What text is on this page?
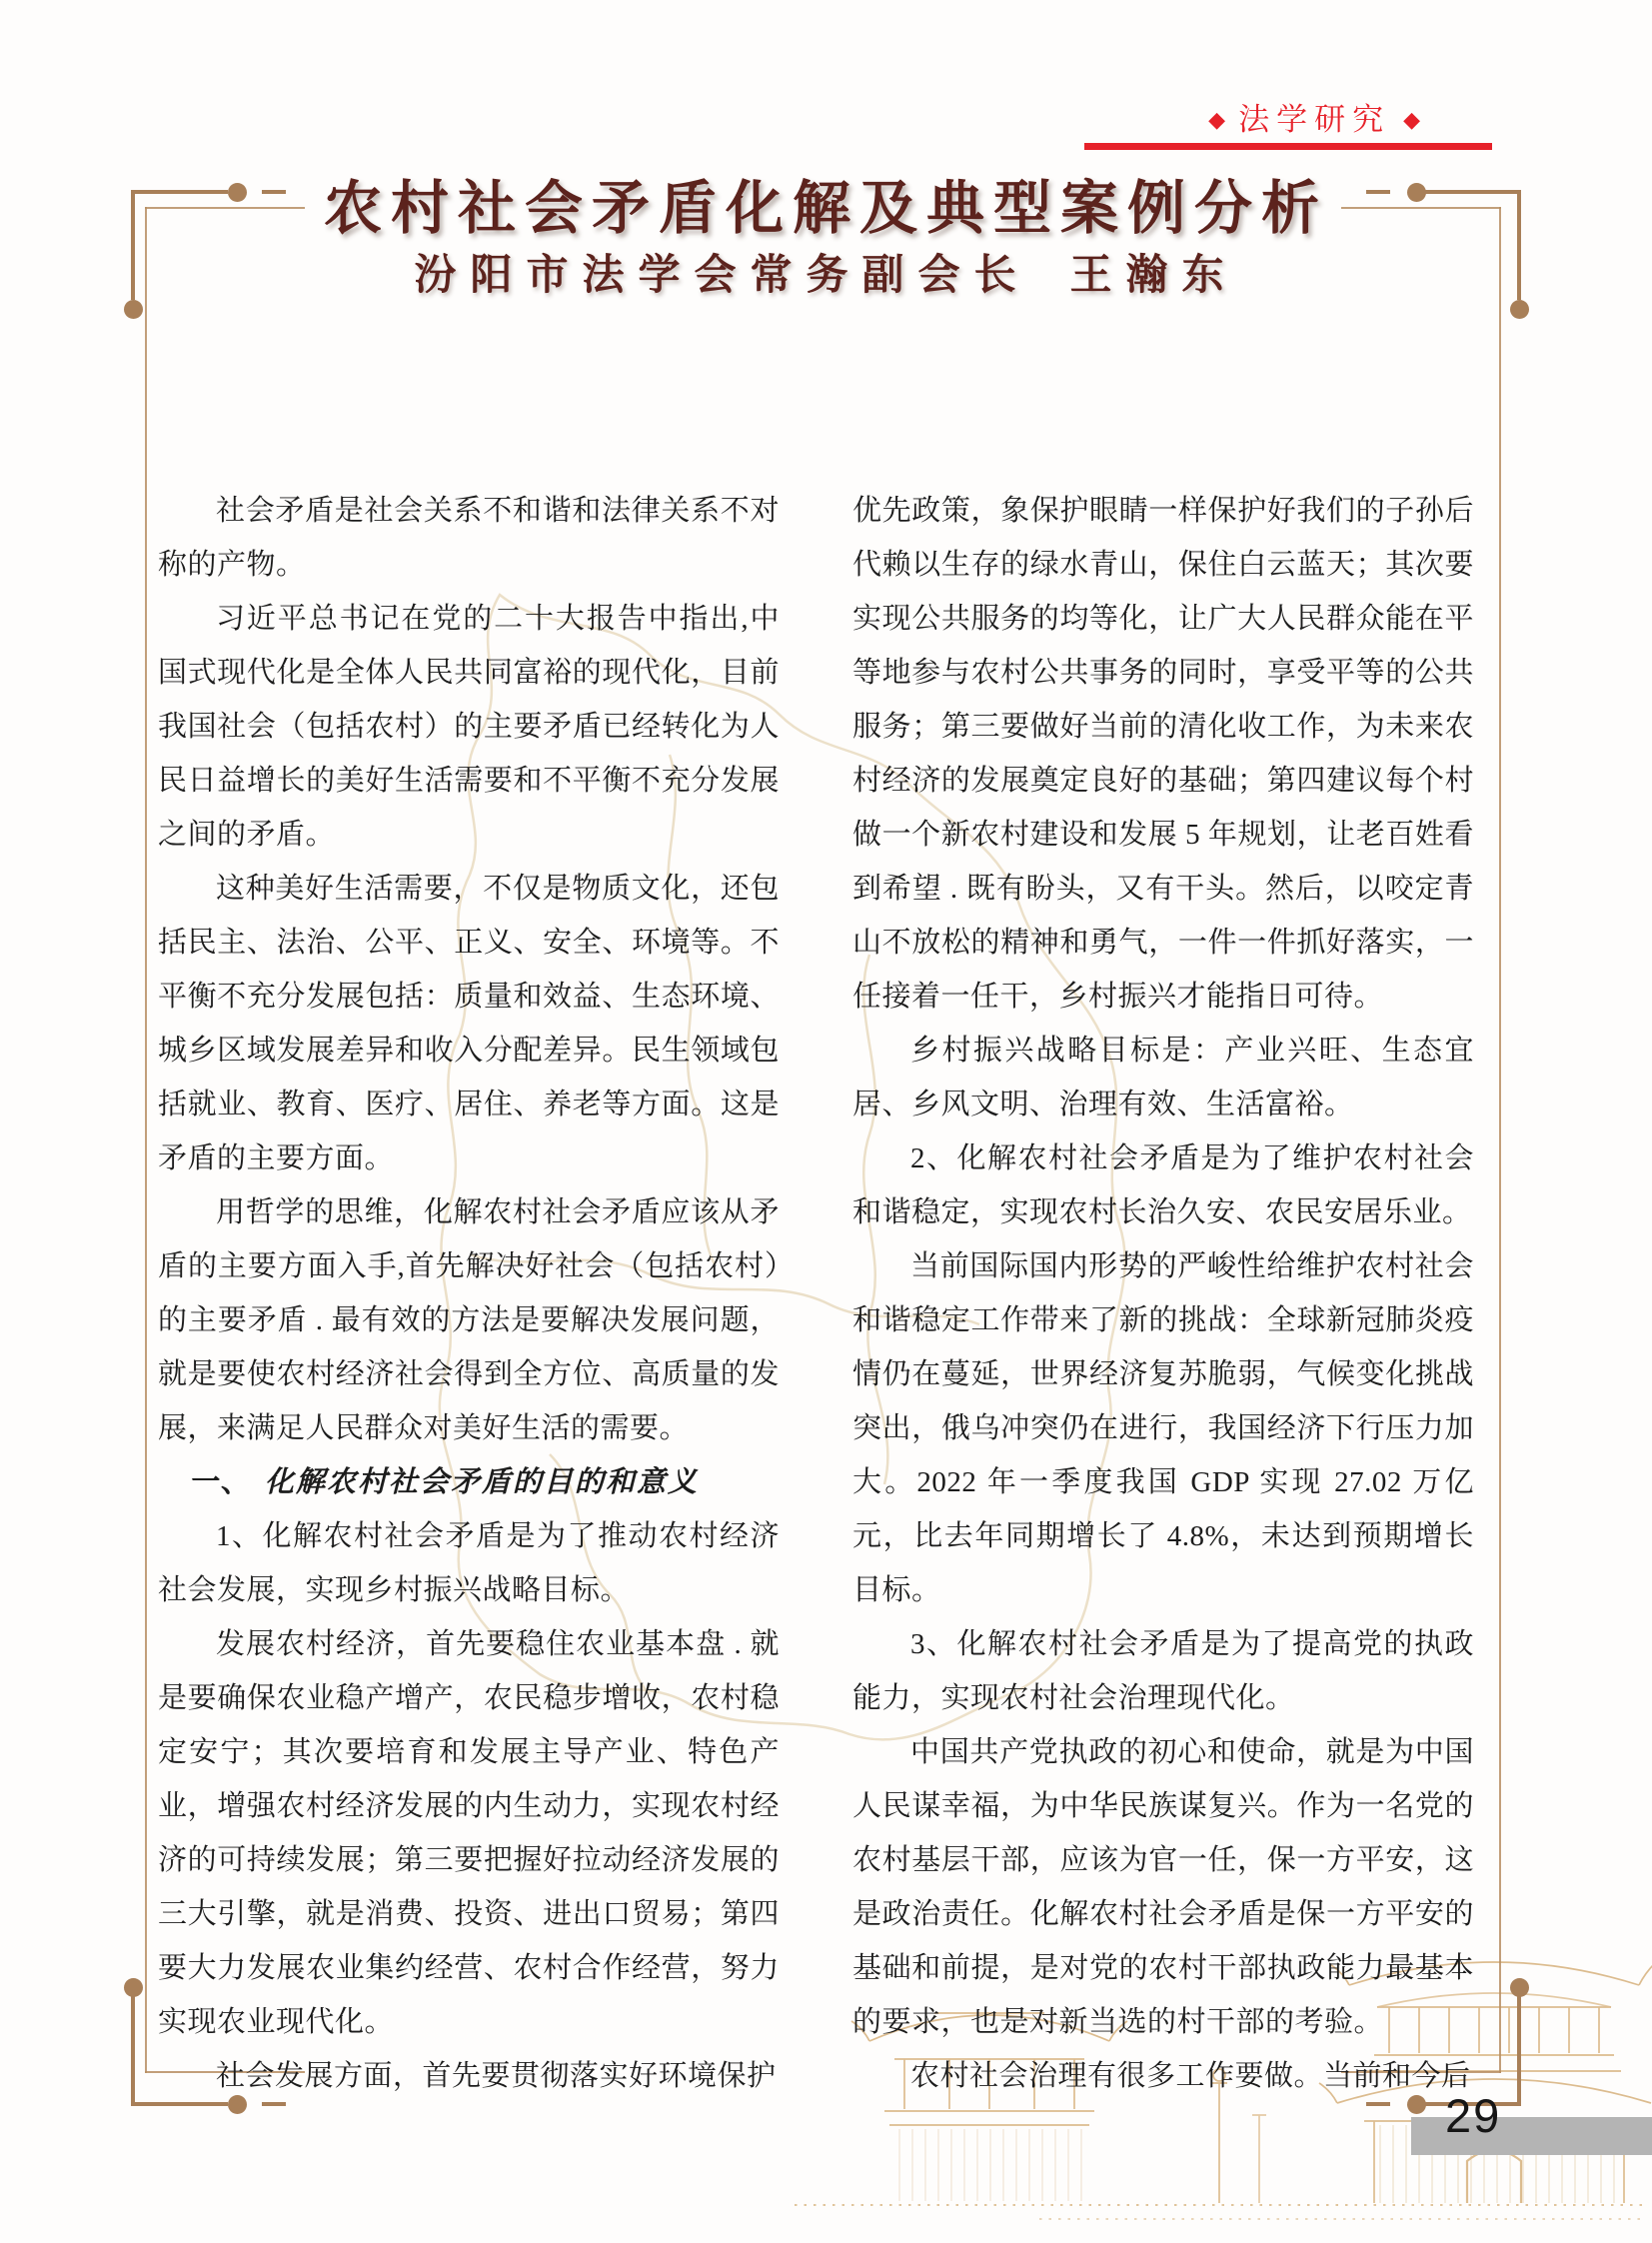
◆ 法学研究 ◆
农村社会矛盾化解及典型案例分析
汾阳市法学会常务副会长 王瀚东

社会矛盾是社会关系不和谐和法律关系不对称的产物。

习近平总书记在党的二十大报告中指出,中国式现代化是全体人民共同富裕的现代化，目前我国社会（包括农村）的主要矛盾已经转化为人民日益增长的美好生活需要和不平衡不充分发展之间的矛盾。

这种美好生活需要，不仅是物质文化，还包括民主、法治、公平、正义、安全、环境等。不平衡不充分发展包括：质量和效益、生态环境、城乡区域发展差异和收入分配差异。民生领域包括就业、教育、医疗、居住、养老等方面。这是矛盾的主要方面。

用哲学的思维，化解农村社会矛盾应该从矛盾的主要方面入手,首先解决好社会（包括农村）的主要矛盾 . 最有效的方法是要解决发展问题，就是要使农村经济社会得到全方位、高质量的发展，来满足人民群众对美好生活的需要。

一、 化解农村社会矛盾的目的和意义

1、化解农村社会矛盾是为了推动农村经济社会发展，实现乡村振兴战略目标。

发展农村经济，首先要稳住农业基本盘 . 就是要确保农业稳产增产，农民稳步增收，农村稳定安宁；其次要培育和发展主导产业、特色产业，增强农村经济发展的内生动力，实现农村经济的可持续发展；第三要把握好拉动经济发展的三大引擎，就是消费、投资、进出口贸易；第四要大力发展农业集约经营、农村合作经营，努力实现农业现代化。

社会发展方面，首先要贯彻落实好环境保护

优先政策，象保护眼睛一样保护好我们的子孙后代赖以生存的绿水青山，保住白云蓝天；其次要实现公共服务的均等化，让广大人民群众能在平等地参与农村公共事务的同时，享受平等的公共服务；第三要做好当前的清化收工作，为未来农村经济的发展奠定良好的基础；第四建议每个村做一个新农村建设和发展 5 年规划，让老百姓看到希望 . 既有盼头，又有干头。然后，以咬定青山不放松的精神和勇气，一件一件抓好落实，一任接着一任干，乡村振兴才能指日可待。

乡村振兴战略目标是：产业兴旺、生态宜居、乡风文明、治理有效、生活富裕。

2、化解农村社会矛盾是为了维护农村社会和谐稳定，实现农村长治久安、农民安居乐业。

当前国际国内形势的严峻性给维护农村社会和谐稳定工作带来了新的挑战：全球新冠肺炎疫情仍在蔓延，世界经济复苏脆弱，气候变化挑战突出，俄乌冲突仍在进行，我国经济下行压力加大。2022 年一季度我国 GDP 实现 27.02 万亿元，比去年同期增长了 4.8%，未达到预期增长目标。

3、化解农村社会矛盾是为了提高党的执政能力，实现农村社会治理现代化。

中国共产党执政的初心和使命，就是为中国人民谋幸福，为中华民族谋复兴。作为一名党的农村基层干部，应该为官一任，保一方平安，这是政治责任。化解农村社会矛盾是保一方平安的基础和前提，是对党的农村干部执政能力最基本的要求，也是对新当选的村干部的考验。

农村社会治理有很多工作要做。当前和今后

29
